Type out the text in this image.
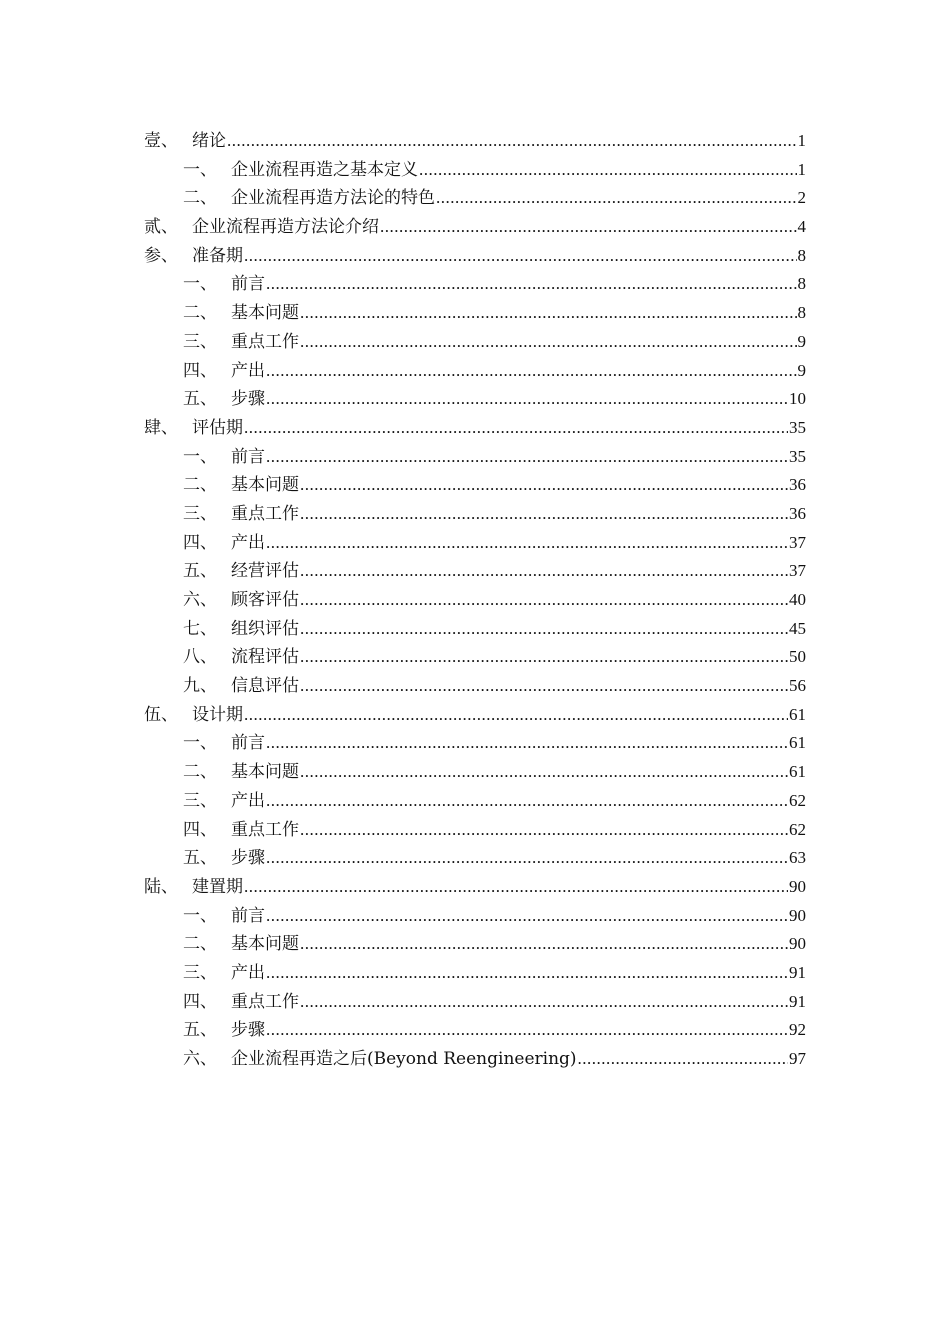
壹、 绪论 .....	1
一、 企业流程再造之基本定义 .....	1
二、 企业流程再造方法论的特色 .....	2
贰、 企业流程再造方法论介绍 .....	4
参、 准备期 .....	8
一、 前言 .....	8
二、 基本问题 .....	8
三、 重点工作 .....	9
四、 产出 .....	9
五、 步骤 .....	10
肆、 评估期 .....	35
一、 前言 .....	35
二、 基本问题 .....	36
三、 重点工作 .....	36
四、 产出 .....	37
五、 经营评估 .....	37
六、 顾客评估 .....	40
七、 组织评估 .....	45
八、 流程评估 .....	50
九、 信息评估 .....	56
伍、 设计期 .....	61
一、 前言 .....	61
二、 基本问题 .....	61
三、 产出 .....	62
四、 重点工作 .....	62
五、 步骤 .....	63
陆、 建置期 .....	90
一、 前言 .....	90
二、 基本问题 .....	90
三、 产出 .....	91
四、 重点工作 .....	91
五、 步骤 .....	92
六、 企业流程再造之后(Beyond Reengineering) .....	97
